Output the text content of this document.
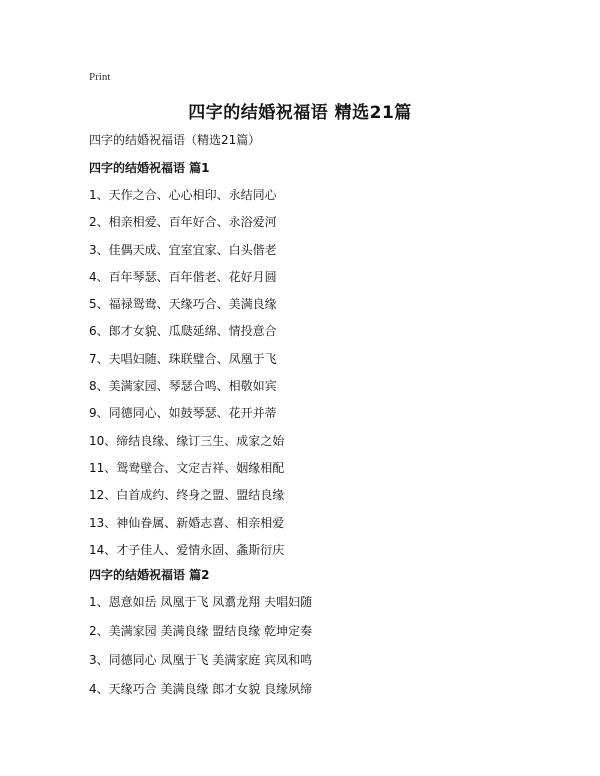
Print
四字的结婚祝福语 精选21篇
四字的结婚祝福语（精选21篇）
四字的结婚祝福语 篇1
1、天作之合、心心相印、永结同心
2、相亲相爱、百年好合、永浴爱河
3、佳偶天成、宜室宜家、白头偕老
4、百年琴瑟、百年偕老、花好月圆
5、福禄鸳鸯、天缘巧合、美满良缘
6、郎才女貌、瓜瓞延绵、情投意合
7、夫唱妇随、珠联璧合、凤凰于飞
8、美满家园、琴瑟合鸣、相敬如宾
9、同德同心、如鼓琴瑟、花开并蒂
10、缔结良缘、缘订三生、成家之始
11、鸳鸯壁合、文定吉祥、姻缘相配
12、白首成约、终身之盟、盟结良缘
13、神仙眷属、新婚志喜、相亲相爱
14、才子佳人、爱情永固、螽斯衍庆
四字的结婚祝福语 篇2
1、恩意如岳 凤凰于飞 凤翥龙翔 夫唱妇随
2、美满家园 美满良缘 盟结良缘 乾坤定奏
3、同德同心 凤凰于飞 美满家庭 宾凤和鸣
4、天缘巧合 美满良缘 郎才女貌 良缘夙缔
